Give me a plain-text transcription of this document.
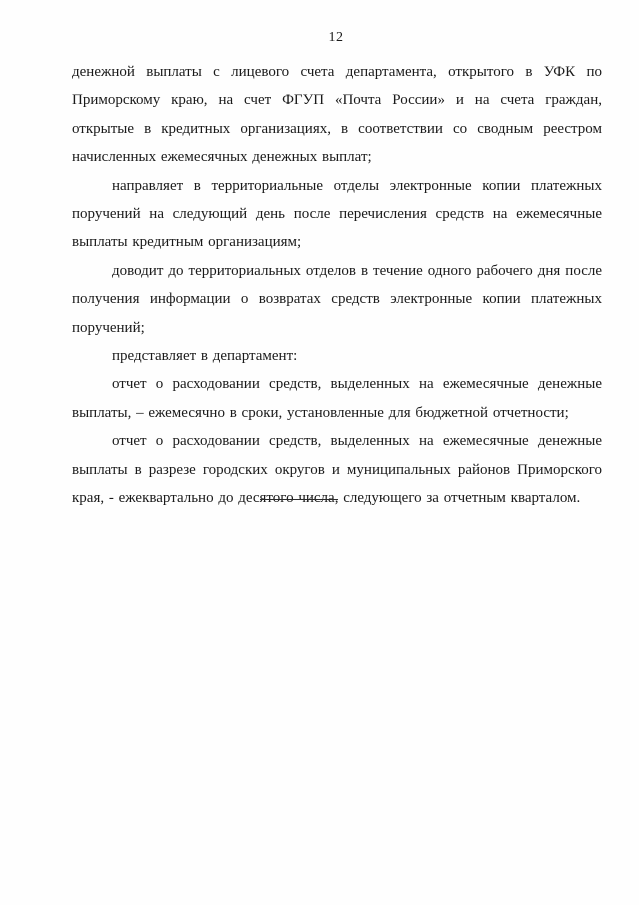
12

денежной выплаты с лицевого счета департамента, открытого в УФК по Приморскому краю, на счет ФГУП «Почта России» и на счета граждан, открытые в кредитных организациях, в соответствии со сводным реестром начисленных ежемесячных денежных выплат;

направляет в территориальные отделы электронные копии платежных поручений на следующий день после перечисления средств на ежемесячные выплаты кредитным организациям;

доводит до территориальных отделов в течение одного рабочего дня после получения информации о возвратах средств электронные копии платежных поручений;

представляет в департамент:

отчет о расходовании средств, выделенных на ежемесячные денежные выплаты, – ежемесячно в сроки, установленные для бюджетной отчетности;

отчет о расходовании средств, выделенных на ежемесячные денежные выплаты в разрезе городских округов и муниципальных районов Приморского края, - ежеквартально до десятого числа, следующего за отчетным кварталом.
